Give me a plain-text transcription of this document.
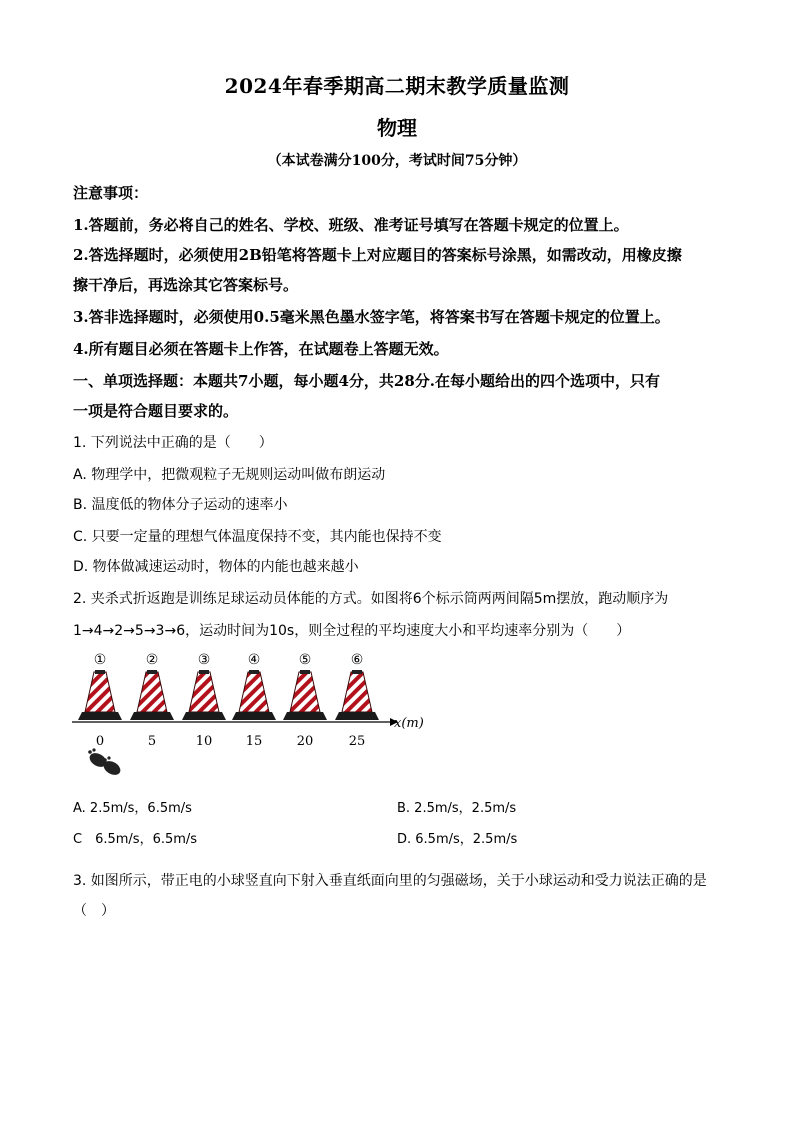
2024年春季期高二期末教学质量监测
物理
（本试卷满分100分，考试时间75分钟）
注意事项：
1.答题前，务必将自己的姓名、学校、班级、准考证号填写在答题卡规定的位置上。
2.答选择题时，必须使用2B铅笔将答题卡上对应题目的答案标号涂黑，如需改动，用橡皮擦
擦干净后，再选涂其它答案标号。
3.答非选择题时，必须使用0.5毫米黑色墨水签字笔，将答案书写在答题卡规定的位置上。
4.所有题目必须在答题卡上作答，在试题卷上答题无效。
一、单项选择题：本题共7小题，每小题4分，共28分.在每小题给出的四个选项中，只有
一项是符合题目要求的。
1. 下列说法中正确的是（　　）
A. 物理学中，把微观粒子无规则运动叫做布朗运动
B. 温度低的物体分子运动的速率小
C. 只要一定量的理想气体温度保持不变，其内能也保持不变
D. 物体做减速运动时，物体的内能也越来越小
2. 夹杀式折返跑是训练足球运动员体能的方式。如图将6个标示筒两两间隔5m摆放，跑动顺序为
1→4→2→5→3→6，运动时间为10s，则全过程的平均速度大小和平均速率分别为（　　）
①	②	③	④	⑤	⑥
x(m)
0	5	10	15	20	25
A. 2.5m/s，6.5m/s	B. 2.5m/s，2.5m/s
C　6.5m/s，6.5m/s	D. 6.5m/s，2.5m/s
3. 如图所示，带正电的小球竖直向下射入垂直纸面向里的匀强磁场，关于小球运动和受力说法正确的是
（　）
